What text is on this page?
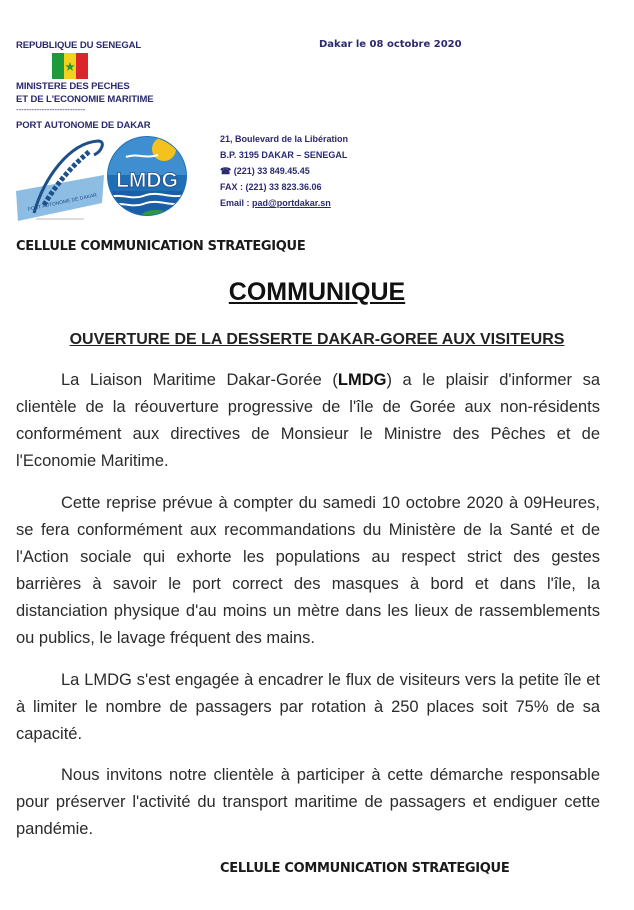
REPUBLIQUE DU SENEGAL
MINISTERE DES PECHES
ET DE L'ECONOMIE MARITIME
---------------------------
PORT AUTONOME DE DAKAR
PORT AUTONOME DE DAKAR
LMDG
Dakar le 08 octobre 2020
21, Boulevard de la Libération
B.P. 3195 DAKAR – SENEGAL
☎ (221) 33 849.45.45
FAX : (221) 33 823.36.06
Email : pad@portdakar.sn
CELLULE COMMUNICATION STRATEGIQUE
COMMUNIQUE
OUVERTURE DE LA DESSERTE DAKAR-GOREE AUX VISITEURS
La Liaison Maritime Dakar-Gorée (LMDG) a le plaisir d'informer sa clientèle de la réouverture progressive de l'île de Gorée aux non-résidents conformément aux directives de Monsieur le Ministre des Pêches et de l'Economie Maritime.
Cette reprise prévue à compter du samedi 10 octobre 2020 à 09Heures, se fera conformément aux recommandations du Ministère de la Santé et de l'Action sociale qui exhorte les populations au respect strict des gestes barrières à savoir le port correct des masques à bord et dans l'île, la distanciation physique d'au moins un mètre dans les lieux de rassemblements ou publics, le lavage fréquent des mains.
La LMDG s'est engagée à encadrer le flux de visiteurs vers la petite île et à limiter le nombre de passagers par rotation à 250 places soit 75% de sa capacité.
Nous invitons notre clientèle à participer à cette démarche responsable pour préserver l'activité du transport maritime de passagers et endiguer cette pandémie.
CELLULE COMMUNICATION STRATEGIQUE
